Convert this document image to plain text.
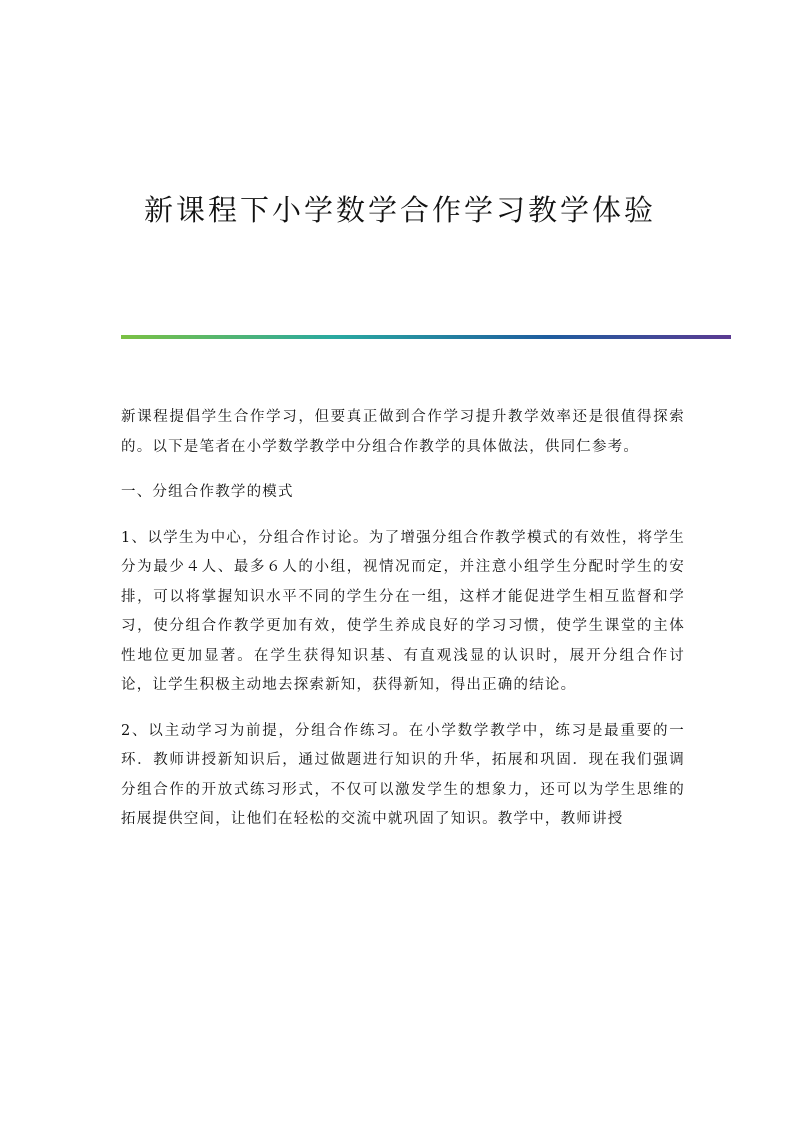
新课程下小学数学合作学习教学体验

新课程提倡学生合作学习，但要真正做到合作学习提升教学效率还是很值得探索的。以下是笔者在小学数学教学中分组合作教学的具体做法，供同仁参考。

一、分组合作教学的模式

1、以学生为中心，分组合作讨论。为了增强分组合作教学模式的有效性，将学生分为最少４人、最多６人的小组，视情况而定，并注意小组学生分配时学生的安排，可以将掌握知识水平不同的学生分在一组，这样才能促进学生相互监督和学习，使分组合作教学更加有效，使学生养成良好的学习习惯，使学生课堂的主体性地位更加显著。在学生获得知识基、有直观浅显的认识时，展开分组合作讨论，让学生积极主动地去探索新知，获得新知，得出正确的结论。

2、以主动学习为前提，分组合作练习。在小学数学教学中，练习是最重要的一环．教师讲授新知识后，通过做题进行知识的升华，拓展和巩固．现在我们强调分组合作的开放式练习形式，不仅可以激发学生的想象力，还可以为学生思维的拓展提供空间，让他们在轻松的交流中就巩固了知识。教学中，教师讲授
